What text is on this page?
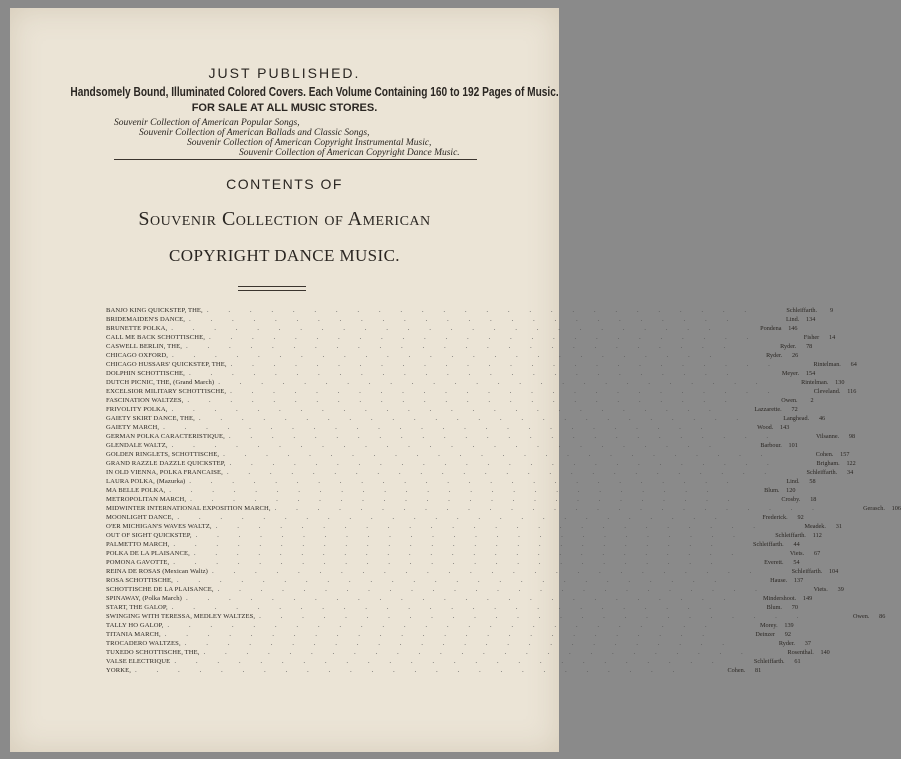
JUST PUBLISHED.
Handsomely Bound, Illuminated Colored Covers. Each Volume Containing 160 to 192 Pages of Music.
FOR SALE AT ALL MUSIC STORES.
Souvenir Collection of American Popular Songs,
Souvenir Collection of American Ballads and Classic Songs,
Souvenir Collection of American Copyright Instrumental Music,
Souvenir Collection of American Copyright Dance Music.
CONTENTS OF
Souvenir Collection of American
COPYRIGHT DANCE MUSIC.
BANJO KING QUICKSTEP, THE, . . . . . . . . . . . . . . . . . . . . . . . . . .	Schleiffarth.	9
BRIDEMAIDEN'S DANCE, . . . . . . . . . . . . . . . . . . . . . . . . . .	Lind.	134
BRUNETTE POLKA, . . . . . . . . . . . . . . . . . . . . . . . . . .	Pondena	146
CALL ME BACK SCHOTTISCHE, . . . . . . . . . . . . . . . . . . . . . . . . . .	Fisher	14
CASWELL BERLIN, THE, . . . . . . . . . . . . . . . . . . . . . . . . . .	Ryder.	78
CHICAGO OXFORD, . . . . . . . . . . . . . . . . . . . . . . . . . .	Ryder.	26
CHICAGO HUSSARS' QUICKSTEP, THE, . . . . . . . . . . . . . . . . . . . . . . . . . .	Rintelman.	64
DOLPHIN SCHOTTISCHE, . . . . . . . . . . . . . . . . . . . . . . . . . .	Meyer.	154
DUTCH PICNIC, THE, (Grand March) . . . . . . . . . . . . . . . . . . . . . . . . . .	Rintelman.	130
EXCELSIOR MILITARY SCHOTTISCHE, . . . . . . . . . . . . . . . . . . . . . . . . . .	Cleveland.	116
FASCINATION WALTZES, . . . . . . . . . . . . . . . . . . . . . . . . . .	Owen.	2
FRIVOLITY POLKA, . . . . . . . . . . . . . . . . . . . . . . . . . .	Lazzarette.	72
GAIETY SKIRT DANCE, THE, . . . . . . . . . . . . . . . . . . . . . . . . . .	Langhead.	46
GAIETY MARCH, . . . . . . . . . . . . . . . . . . . . . . . . . .	Wood.	143
GERMAN POLKA CARACTERISTIQUE, . . . . . . . . . . . . . . . . . . . . . . . . . .	Vilsanne.	98
GLENDALE WALTZ, . . . . . . . . . . . . . . . . . . . . . . . . . .	Barbour.	101
GOLDEN RINGLETS, SCHOTTISCHE, . . . . . . . . . . . . . . . . . . . . . . . . . .	Cohen.	157
GRAND RAZZLE DAZZLE QUICKSTEP, . . . . . . . . . . . . . . . . . . . . . . . . . .	Brigham.	122
IN OLD VIENNA, POLKA FRANCAISE, . . . . . . . . . . . . . . . . . . . . . . . . . .	Schleiffarth.	34
LAURA POLKA, (Mazurka) . . . . . . . . . . . . . . . . . . . . . . . . . .	Lind.	58
MA BELLE POLKA, . . . . . . . . . . . . . . . . . . . . . . . . . .	Blum.	120
METROPOLITAN MARCH, . . . . . . . . . . . . . . . . . . . . . . . . . .	Crosby.	18
MIDWINTER INTERNATIONAL EXPOSITION MARCH, . . . . . . . . . . . . . . . . . . . . . . . . . .	Gerasch.	106
MOONLIGHT DANCE, . . . . . . . . . . . . . . . . . . . . . . . . . .	Frederick.	92
O'ER MICHIGAN'S WAVES WALTZ, . . . . . . . . . . . . . . . . . . . . . . . . . .	Meadek.	31
OUT OF SIGHT QUICKSTEP, . . . . . . . . . . . . . . . . . . . . . . . . . .	Schleiffarth.	112
PALMETTO MARCH, . . . . . . . . . . . . . . . . . . . . . . . . . .	Schleiffarth.	44
POLKA DE LA PLAISANCE, . . . . . . . . . . . . . . . . . . . . . . . . . .	Viets.	67
POMONA GAVOTTE, . . . . . . . . . . . . . . . . . . . . . . . . . .	Everett.	54
REINA DE ROSAS (Mexican Waltz) . . . . . . . . . . . . . . . . . . . . . . . . . .	Schleiffarth.	104
ROSA SCHOTTISCHE, . . . . . . . . . . . . . . . . . . . . . . . . . .	Hause.	137
SCHOTTISCHE DE LA PLAISANCE, . . . . . . . . . . . . . . . . . . . . . . . . . .	Viets.	39
SPINAWAY, (Polka March) . . . . . . . . . . . . . . . . . . . . . . . . . .	Mindershoot.	149
START, THE GALOP, . . . . . . . . . . . . . . . . . . . . . . . . . .	Blum.	70
SWINGING WITH TERESSA, MEDLEY WALTZES, . . . . . . . . . . . . . . . . . . . . . . . . . .	Owen.	86
TALLY HO GALOP, . . . . . . . . . . . . . . . . . . . . . . . . . .	Morey.	139
TITANIA MARCH, . . . . . . . . . . . . . . . . . . . . . . . . . .	Deinzer	92
TROCADERO WALTZES, . . . . . . . . . . . . . . . . . . . . . . . . . .	Ryder.	37
TUXEDO SCHOTTISCHE, THE, . . . . . . . . . . . . . . . . . . . . . . . . . .	Rosenthal.	140
VALSE ELECTRIQUE . . . . . . . . . . . . . . . . . . . . . . . . . .	Schleiffarth.	61
YORKE, . . . . . . . . . . . . . . . . . . . . . . . . . .	Cohen.	81
